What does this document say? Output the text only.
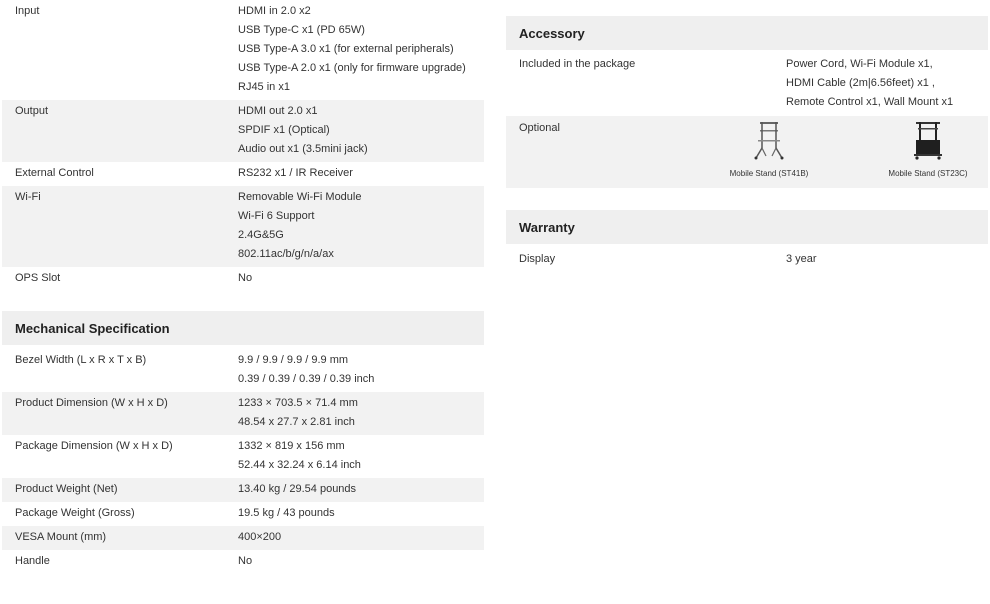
Input	HDMI in 2.0 x2
USB Type-C x1 (PD 65W)
USB Type-A 3.0 x1 (for external peripherals)
USB Type-A 2.0 x1 (only for firmware upgrade)
RJ45 in x1
Output	HDMI out 2.0 x1
SPDIF x1 (Optical)
Audio out x1 (3.5mini jack)
External Control	RS232 x1 / IR Receiver
Wi-Fi	Removable Wi-Fi Module
Wi-Fi 6 Support
2.4G&5G
802.11ac/b/g/n/a/ax
OPS Slot	No
Mechanical Specification
Bezel Width (L x R x T x B)	9.9 / 9.9 / 9.9 / 9.9 mm
0.39 / 0.39 / 0.39 / 0.39 inch
Product Dimension (W x H x D)	1233 × 703.5 × 71.4 mm
48.54 x 27.7 x 2.81 inch
Package Dimension (W x H x D)	1332 × 819 x 156 mm
52.44 x 32.24 x 6.14 inch
Product Weight (Net)	13.40 kg / 29.54 pounds
Package Weight (Gross)	19.5 kg / 43 pounds
VESA Mount (mm)	400×200
Handle	No
Accessory
Included in the package	Power Cord, Wi-Fi Module x1,
HDMI Cable (2m|6.56feet) x1 ,
Remote Control x1, Wall Mount x1
Optional
Mobile Stand (ST41B)	Mobile Stand (ST23C)
Warranty
Display	3 year
